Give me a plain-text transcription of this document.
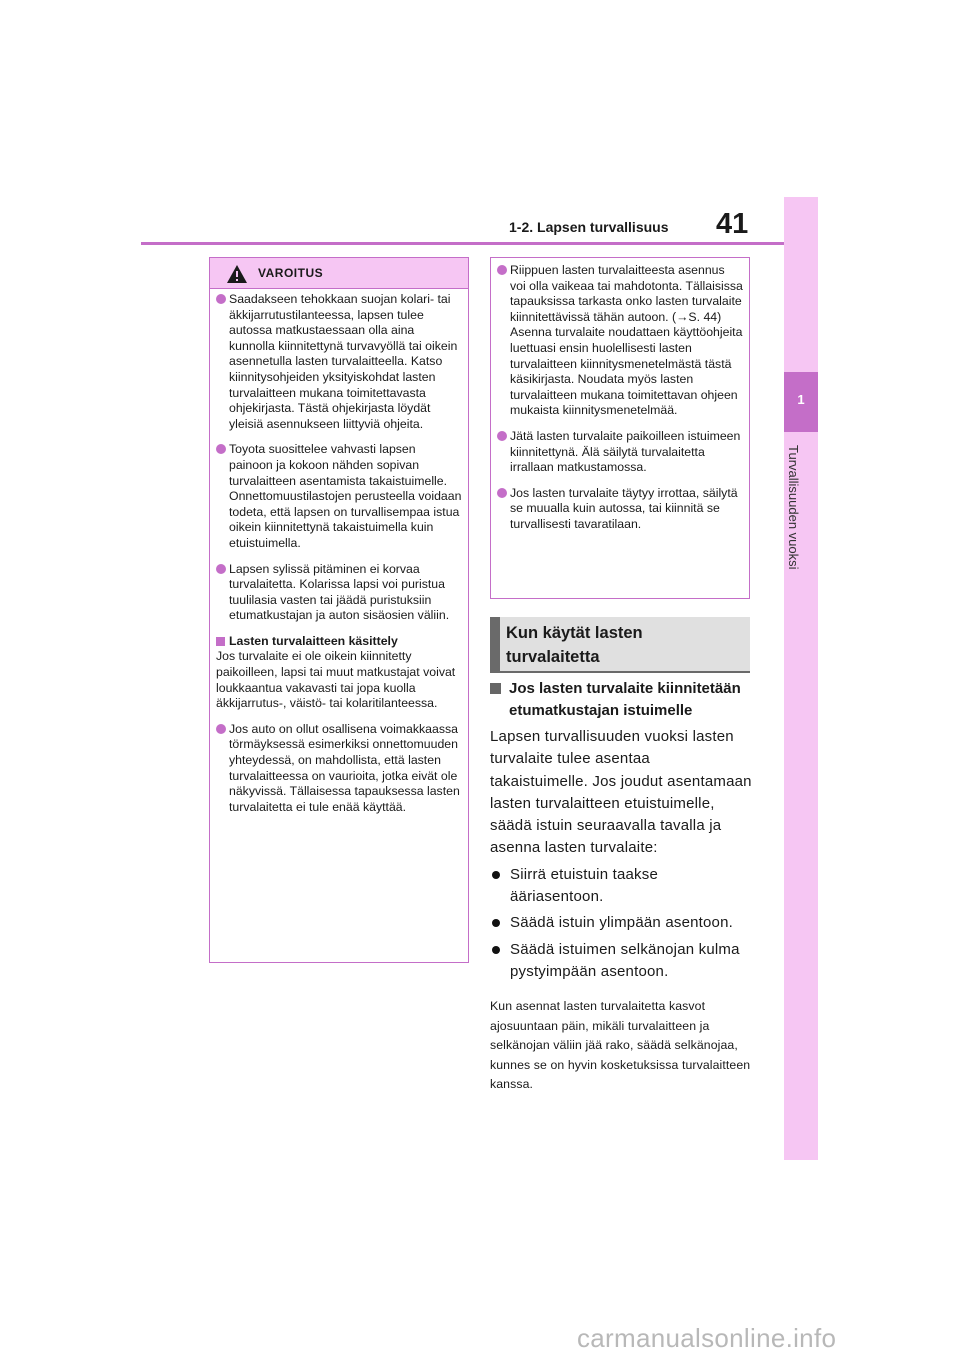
41
1-2. Lapsen turvallisuus
1
Turvallisuuden vuoksi
VAROITUS
Saadakseen tehokkaan suojan kolari- tai äkkijarrutustilanteessa, lapsen tulee autossa matkustaessaan olla aina kunnolla kiinnitettynä turvavyöllä tai oikein asennetulla lasten turvalaitteella. Katso kiinnitysohjeiden yksityiskohdat lasten turvalaitteen mukana toimitettavasta ohjekirjasta. Tästä ohjekirjasta löydät yleisiä asennukseen liittyviä ohjeita.
Toyota suosittelee vahvasti lapsen painoon ja kokoon nähden sopivan turvalaitteen asentamista takaistuimelle. Onnettomuustilastojen perusteella voidaan todeta, että lapsen on turvallisempaa istua oikein kiinnitettynä takaistuimella kuin etuistuimella.
Lapsen sylissä pitäminen ei korvaa turvalaitetta. Kolarissa lapsi voi puristua tuulilasia vasten tai jäädä puristuksiin etumatkustajan ja auton sisäosien väliin.
Lasten turvalaitteen käsittely
Jos turvalaite ei ole oikein kiinnitetty paikoilleen, lapsi tai muut matkustajat voivat loukkaantua vakavasti tai jopa kuolla äkkijarrutus-, väistö- tai kolaritilanteessa.
Jos auto on ollut osallisena voimakkaassa törmäyksessä esimerkiksi onnettomuuden yhteydessä, on mahdollista, että lasten turvalaitteessa on vaurioita, jotka eivät ole näkyvissä. Tällaisessa tapauksessa lasten turvalaitetta ei tule enää käyttää.
Riippuen lasten turvalaitteesta asennus voi olla vaikeaa tai mahdotonta. Tällaisissa tapauksissa tarkasta onko lasten turvalaite kiinnitettävissä tähän autoon. (→S. 44) Asenna turvalaite noudattaen käyttöohjeita luettuasi ensin huolellisesti lasten turvalaitteen kiinnitysmenetelmästä tästä käsikirjasta. Noudata myös lasten turvalaitteen mukana toimitettavan ohjeen mukaista kiinnitysmenetelmää.
Jätä lasten turvalaite paikoilleen istuimeen kiinnitettynä. Älä säilytä turvalaitetta irrallaan matkustamossa.
Jos lasten turvalaite täytyy irrottaa, säilytä se muualla kuin autossa, tai kiinnitä se turvallisesti tavaratilaan.
Kun käytät lasten turvalaitetta
Jos lasten turvalaite kiinnitetään etumatkustajan istuimelle
Lapsen turvallisuuden vuoksi lasten turvalaite tulee asentaa takaistuimelle. Jos joudut asentamaan lasten turvalaitteen etuistuimelle, säädä istuin seuraavalla tavalla ja asenna lasten turvalaite:
Siirrä etuistuin taakse ääriasentoon.
Säädä istuin ylimpään asentoon.
Säädä istuimen selkänojan kulma pystyimpään asentoon.
Kun asennat lasten turvalaitetta kasvot ajosuuntaan päin, mikäli turvalaitteen ja selkänojan väliin jää rako, säädä selkänojaa, kunnes se on hyvin kosketuksissa turvalaitteen kanssa.
carmanualsonline.info
